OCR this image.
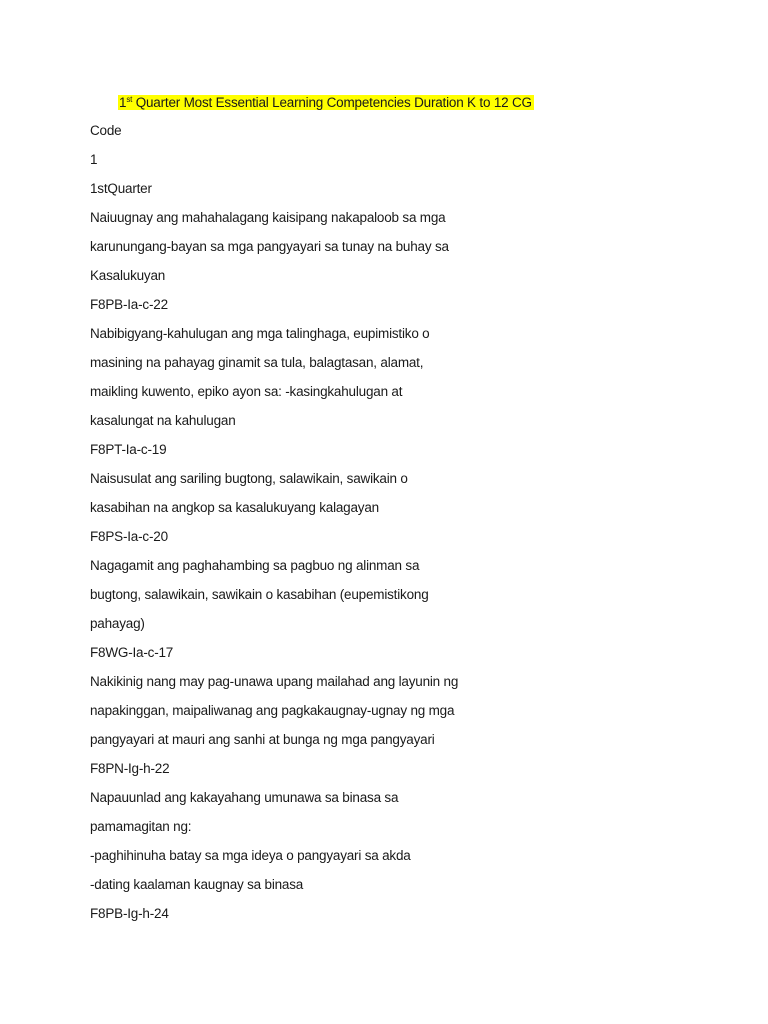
1st Quarter Most Essential Learning Competencies Duration K to 12 CG
Code
1
1stQuarter
Naiuugnay ang mahahalagang kaisipang nakapaloob sa mga
karunungang-bayan sa mga pangyayari sa tunay na buhay sa
Kasalukuyan
F8PB-Ia-c-22
Nabibigyang-kahulugan ang mga talinghaga, eupimistiko o
masining na pahayag ginamit sa tula, balagtasan, alamat,
maikling kuwento, epiko ayon sa: -kasingkahulugan at
kasalungat na kahulugan
F8PT-Ia-c-19
Naisusulat ang sariling bugtong, salawikain, sawikain o
kasabihan na angkop sa kasalukuyang kalagayan
F8PS-Ia-c-20
Nagagamit ang paghahambing sa pagbuo ng alinman sa
bugtong, salawikain, sawikain o kasabihan (eupemistikong
pahayag)
F8WG-Ia-c-17
Nakikinig nang may pag-unawa upang mailahad ang layunin ng
napakinggan, maipaliwanag ang pagkakaugnay-ugnay ng mga
pangyayari at mauri ang sanhi at bunga ng mga pangyayari
F8PN-Ig-h-22
Napauunlad ang kakayahang umunawa sa binasa sa
pamamagitan ng:
-paghihinuha batay sa mga ideya o pangyayari sa akda
-dating kaalaman kaugnay sa binasa
F8PB-Ig-h-24
